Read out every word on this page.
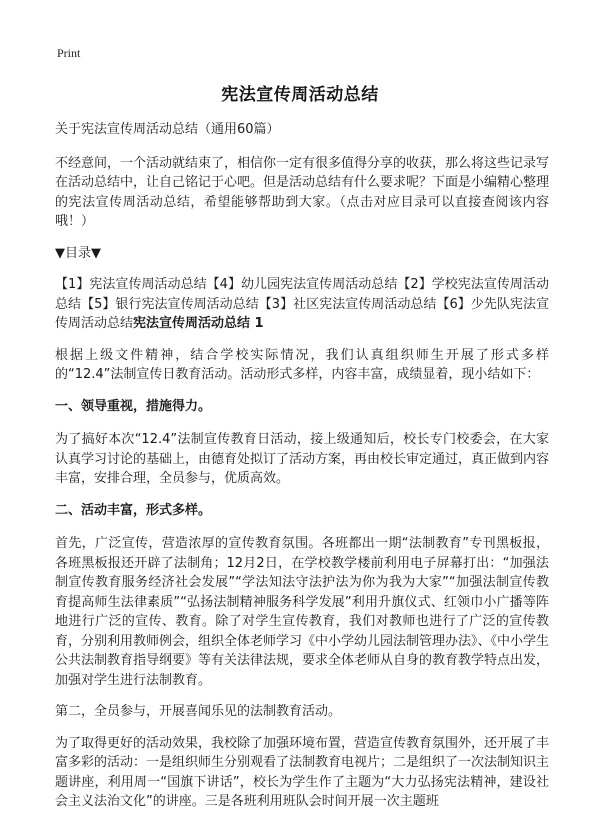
Print
宪法宣传周活动总结

关于宪法宣传周活动总结（通用60篇）

不经意间，一个活动就结束了，相信你一定有很多值得分享的收获，那么将这些记录写在活动总结中，让自己铭记于心吧。但是活动总结有什么要求呢？下面是小编精心整理的宪法宣传周活动总结，希望能够帮助到大家。（点击对应目录可以直接查阅该内容哦！）

▼目录▼

【1】宪法宣传周活动总结【4】幼儿园宪法宣传周活动总结【2】学校宪法宣传周活动总结【5】银行宪法宣传周活动总结【3】社区宪法宣传周活动总结【6】少先队宪法宣传周活动总结宪法宣传周活动总结 1

根据上级文件精神，结合学校实际情况，我们认真组织师生开展了形式多样的“12.4”法制宣传日教育活动。活动形式多样，内容丰富，成绩显着，现小结如下：

一、领导重视，措施得力。

为了搞好本次“12.4”法制宣传教育日活动，接上级通知后，校长专门校委会，在大家认真学习讨论的基础上，由德育处拟订了活动方案，再由校长审定通过，真正做到内容丰富，安排合理，全员参与，优质高效。

二、活动丰富，形式多样。

首先，广泛宣传，营造浓厚的宣传教育氛围。各班都出一期“法制教育”专刊黑板报，各班黑板报还开辟了法制角；12月2日，在学校教学楼前利用电子屏幕打出：“加强法制宣传教育服务经济社会发展”“学法知法守法护法为你为我为大家”“加强法制宣传教育提高师生法律素质”“弘扬法制精神服务科学发展”利用升旗仪式、红领巾小广播等阵地进行广泛的宣传、教育。除了对学生宣传教育，我们对教师也进行了广泛的宣传教育，分别利用教师例会，组织全体老师学习《中小学幼儿园法制管理办法》、《中小学生公共法制教育指导纲要》等有关法律法规，要求全体老师从自身的教育教学特点出发，加强对学生进行法制教育。

第二，全员参与，开展喜闻乐见的法制教育活动。

为了取得更好的活动效果，我校除了加强环境布置，营造宣传教育氛围外，还开展了丰富多彩的活动：一是组织师生分别观看了法制教育电视片；二是组织了一次法制知识主题讲座，利用周一“国旗下讲话”，校长为学生作了主题为“大力弘扬宪法精神，建设社会主义法治文化”的讲座。三是各班利用班队会时间开展一次主题班
